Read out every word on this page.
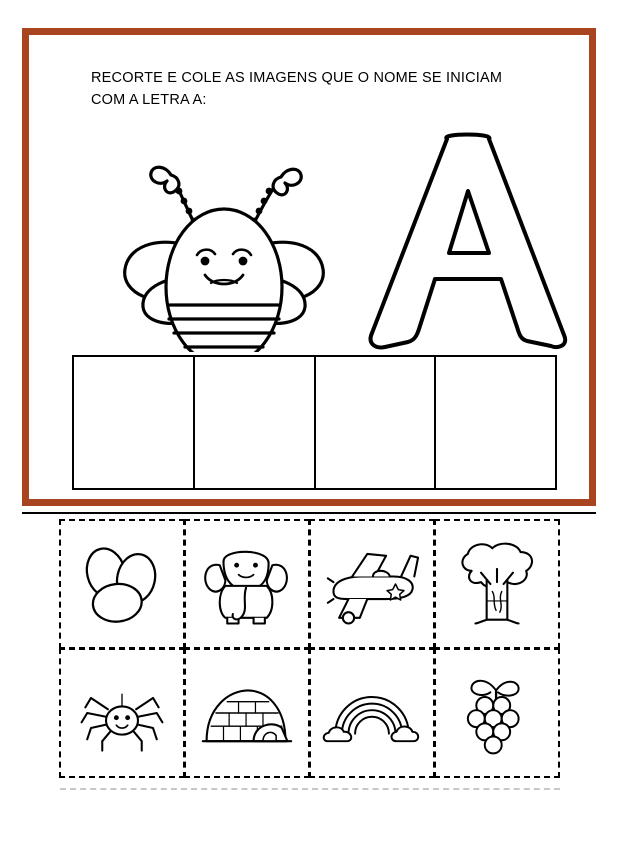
RECORTE E COLE AS IMAGENS QUE O NOME SE INICIAM
COM A LETRA A:
